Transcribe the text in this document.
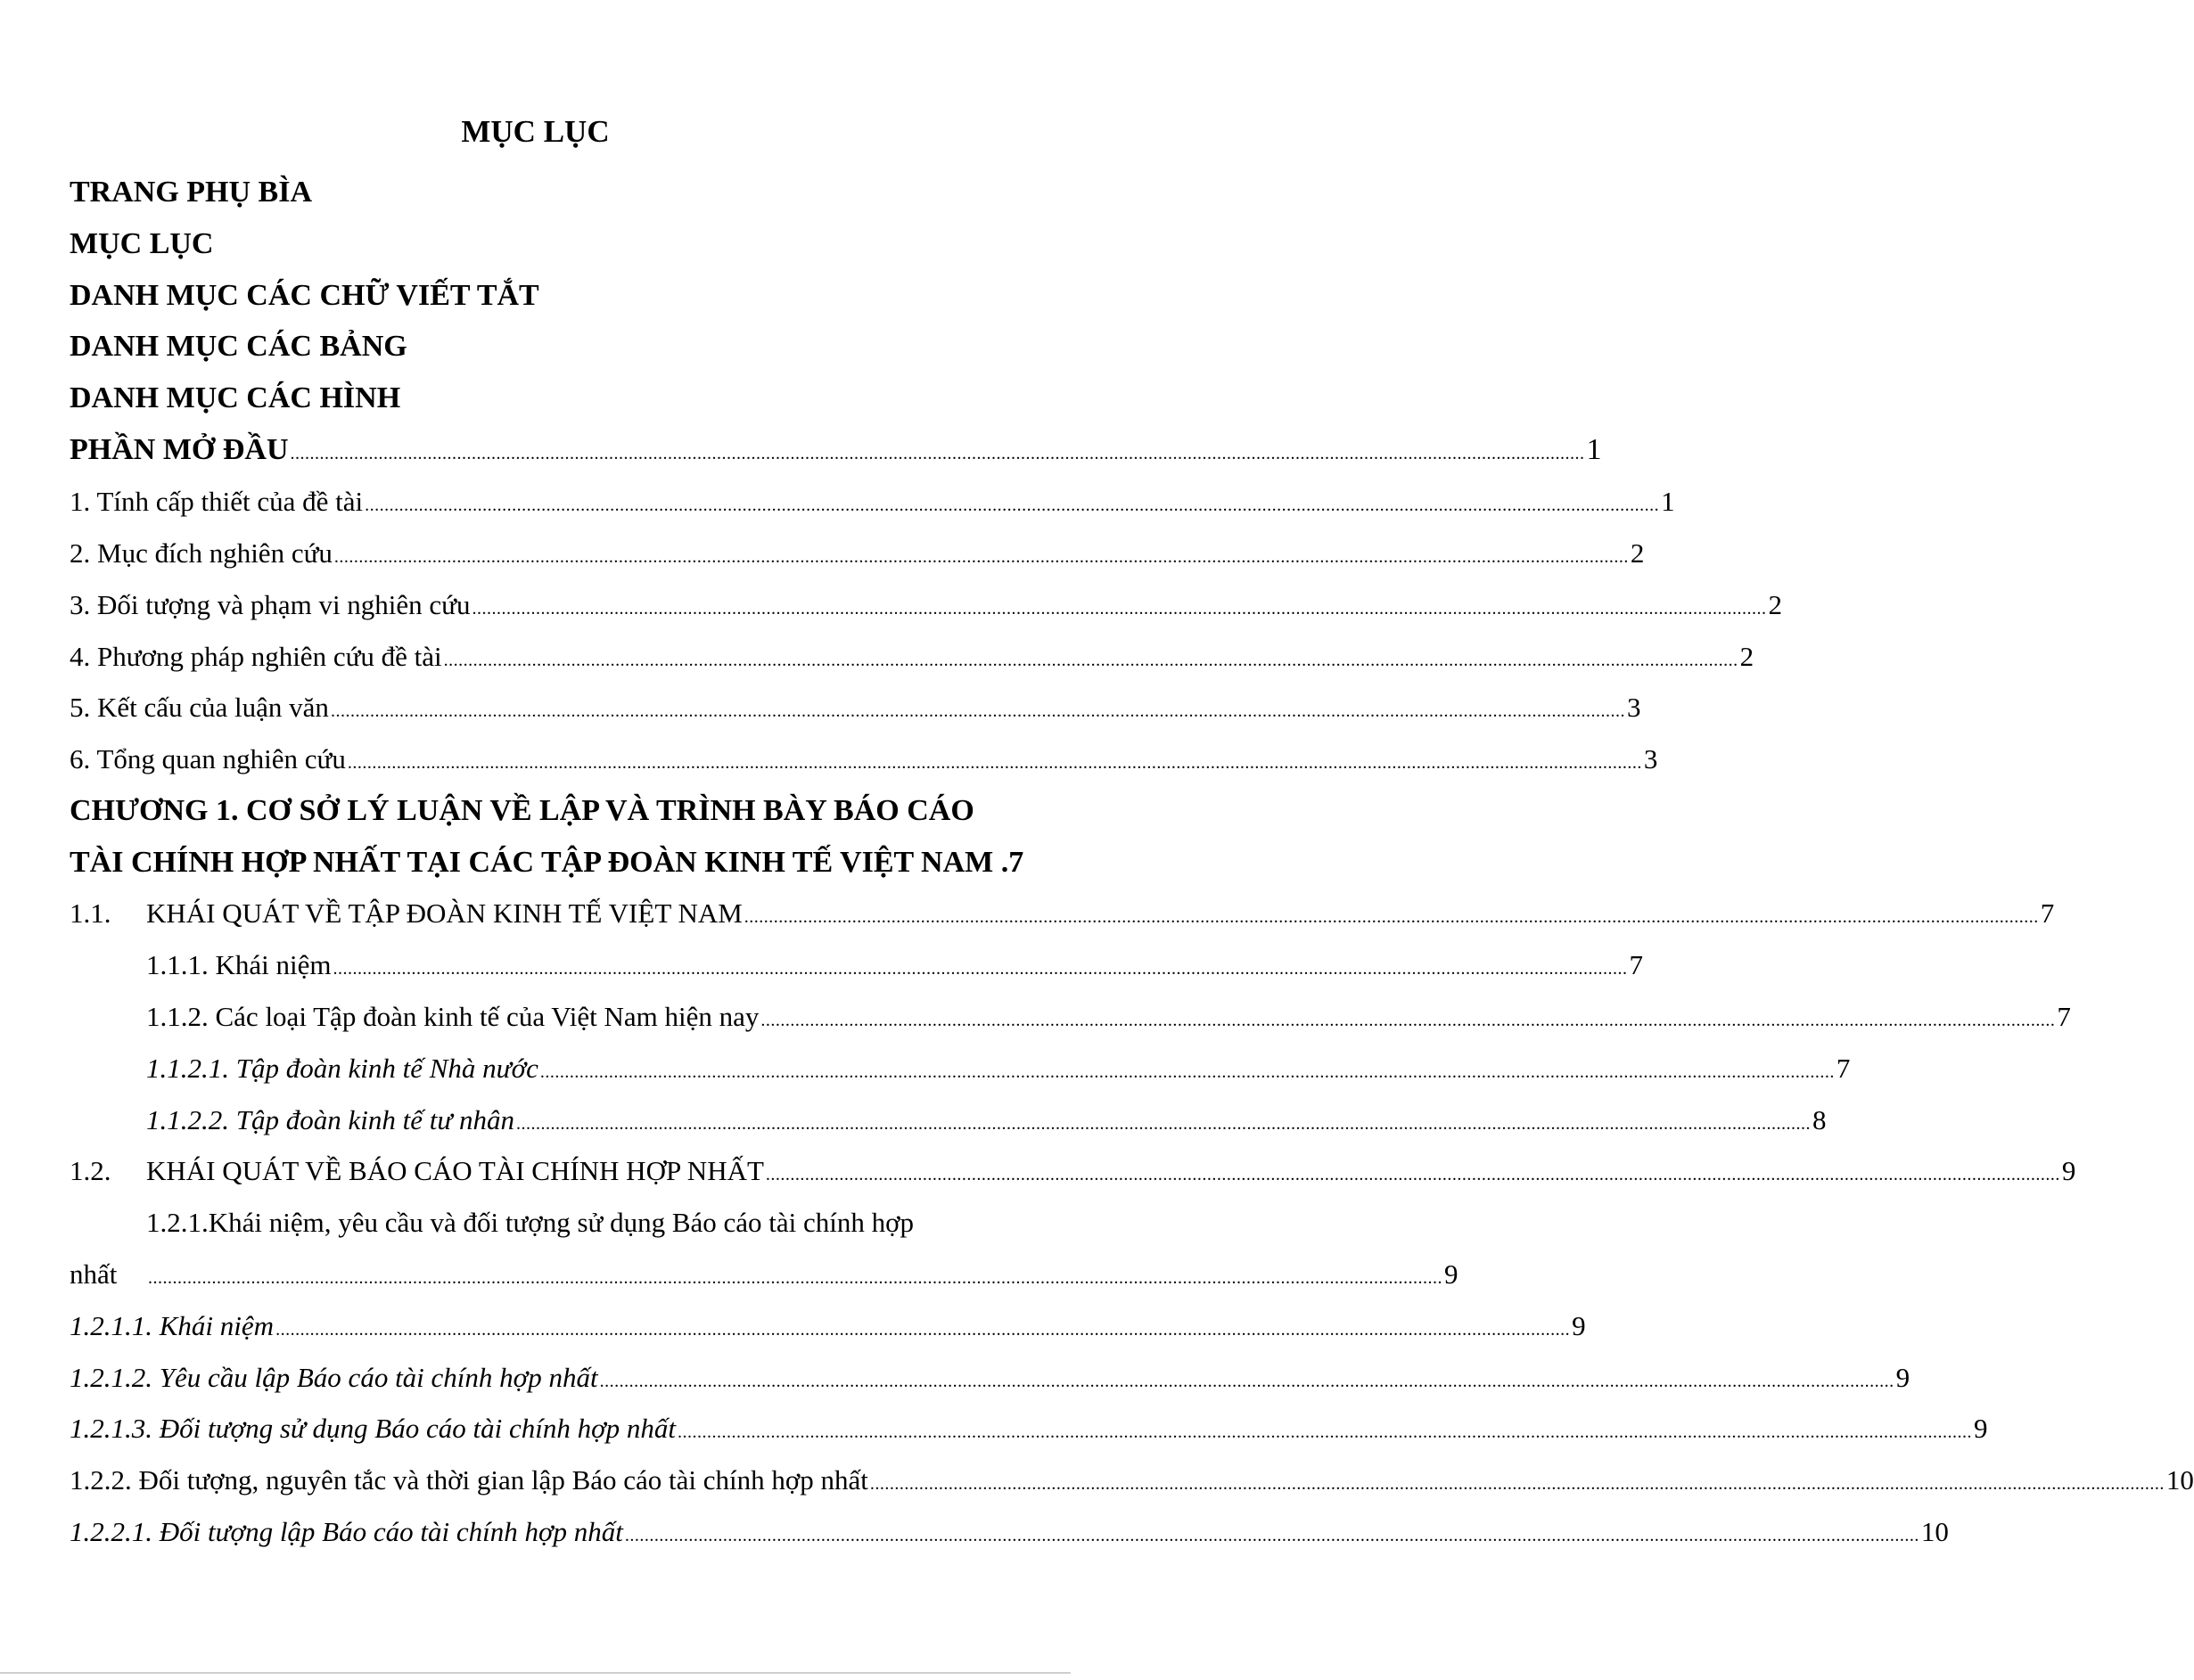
MỤC LỤC
TRANG PHỤ BÌA
MỤC LỤC
DANH MỤC CÁC CHỮ VIẾT TẮT
DANH MỤC CÁC BẢNG
DANH MỤC CÁC HÌNH
PHẦN MỞ ĐẦU ........................................................................................................................................................................................................................................................................ 1
1. Tính cấp thiết của đề tài ........................................................................................................................................................................................................................................................................ 1
2. Mục đích nghiên cứu ........................................................................................................................................................................................................................................................................ 2
3. Đối tượng và phạm vi nghiên cứu ........................................................................................................................................................................................................................................................................ 2
4. Phương pháp nghiên cứu đề tài ........................................................................................................................................................................................................................................................................ 2
5. Kết cấu của luận văn ........................................................................................................................................................................................................................................................................ 3
6. Tổng quan nghiên cứu ........................................................................................................................................................................................................................................................................ 3
CHƯƠNG 1. CƠ SỞ LÝ LUẬN VỀ LẬP VÀ TRÌNH BÀY BÁO CÁO
TÀI CHÍNH HỢP NHẤT TẠI CÁC TẬP ĐOÀN KINH TẾ VIỆT NAM .7
1.1. KHÁI QUÁT VỀ TẬP ĐOÀN KINH TẾ VIỆT NAM ........................................................................................................................................................................................................................................................................ 7
1.1.1. Khái niệm ........................................................................................................................................................................................................................................................................ 7
1.1.2. Các loại Tập đoàn kinh tế của Việt Nam hiện nay ........................................................................................................................................................................................................................................................................ 7
1.1.2.1. Tập đoàn kinh tế Nhà nước ........................................................................................................................................................................................................................................................................ 7
1.1.2.2. Tập đoàn kinh tế tư nhân ........................................................................................................................................................................................................................................................................ 8
1.2. KHÁI QUÁT VỀ BÁO CÁO TÀI CHÍNH HỢP NHẤT ........................................................................................................................................................................................................................................................................ 9
1.2.1.Khái niệm, yêu cầu và đối tượng sử dụng Báo cáo tài chính hợp
nhất	........................................................................................................................................................................................................................................................................ 9
1.2.1.1. Khái niệm ........................................................................................................................................................................................................................................................................ 9
1.2.1.2. Yêu cầu lập Báo cáo tài chính hợp nhất ........................................................................................................................................................................................................................................................................ 9
1.2.1.3. Đối tượng sử dụng Báo cáo tài chính hợp nhất ........................................................................................................................................................................................................................................................................ 9
1.2.2. Đối tượng, nguyên tắc và thời gian lập Báo cáo tài chính hợp nhất ........................................................................................................................................................................................................................................................................ 10
1.2.2.1. Đối tượng lập Báo cáo tài chính hợp nhất ........................................................................................................................................................................................................................................................................ 10
